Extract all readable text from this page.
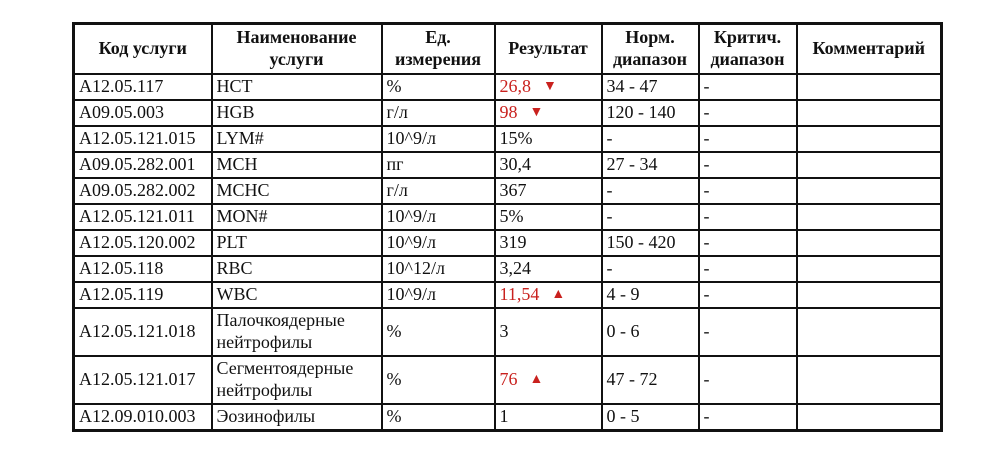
Код услуги	Наименование услуги	Ед. измерения	Результат	Норм. диапазон	Критич. диапазон	Комментарий
А12.05.117	HCT	%	26,8 ▼	34 - 47	-	
А09.05.003	HGB	г/л	98 ▼	120 - 140	-	
А12.05.121.015	LYM#	10^9/л	15%	-	-	
А09.05.282.001	MCH	пг	30,4	27 - 34	-	
А09.05.282.002	MCHC	г/л	367	-	-	
А12.05.121.011	MON#	10^9/л	5%	-	-	
А12.05.120.002	PLT	10^9/л	319	150 - 420	-	
А12.05.118	RBC	10^12/л	3,24	-	-	
А12.05.119	WBC	10^9/л	11,54 ▲	4 - 9	-	
А12.05.121.018	Палочкоядерные нейтрофилы	%	3	0 - 6	-	
А12.05.121.017	Сегментоядерные нейтрофилы	%	76 ▲	47 - 72	-	
А12.09.010.003	Эозинофилы	%	1	0 - 5	-	
